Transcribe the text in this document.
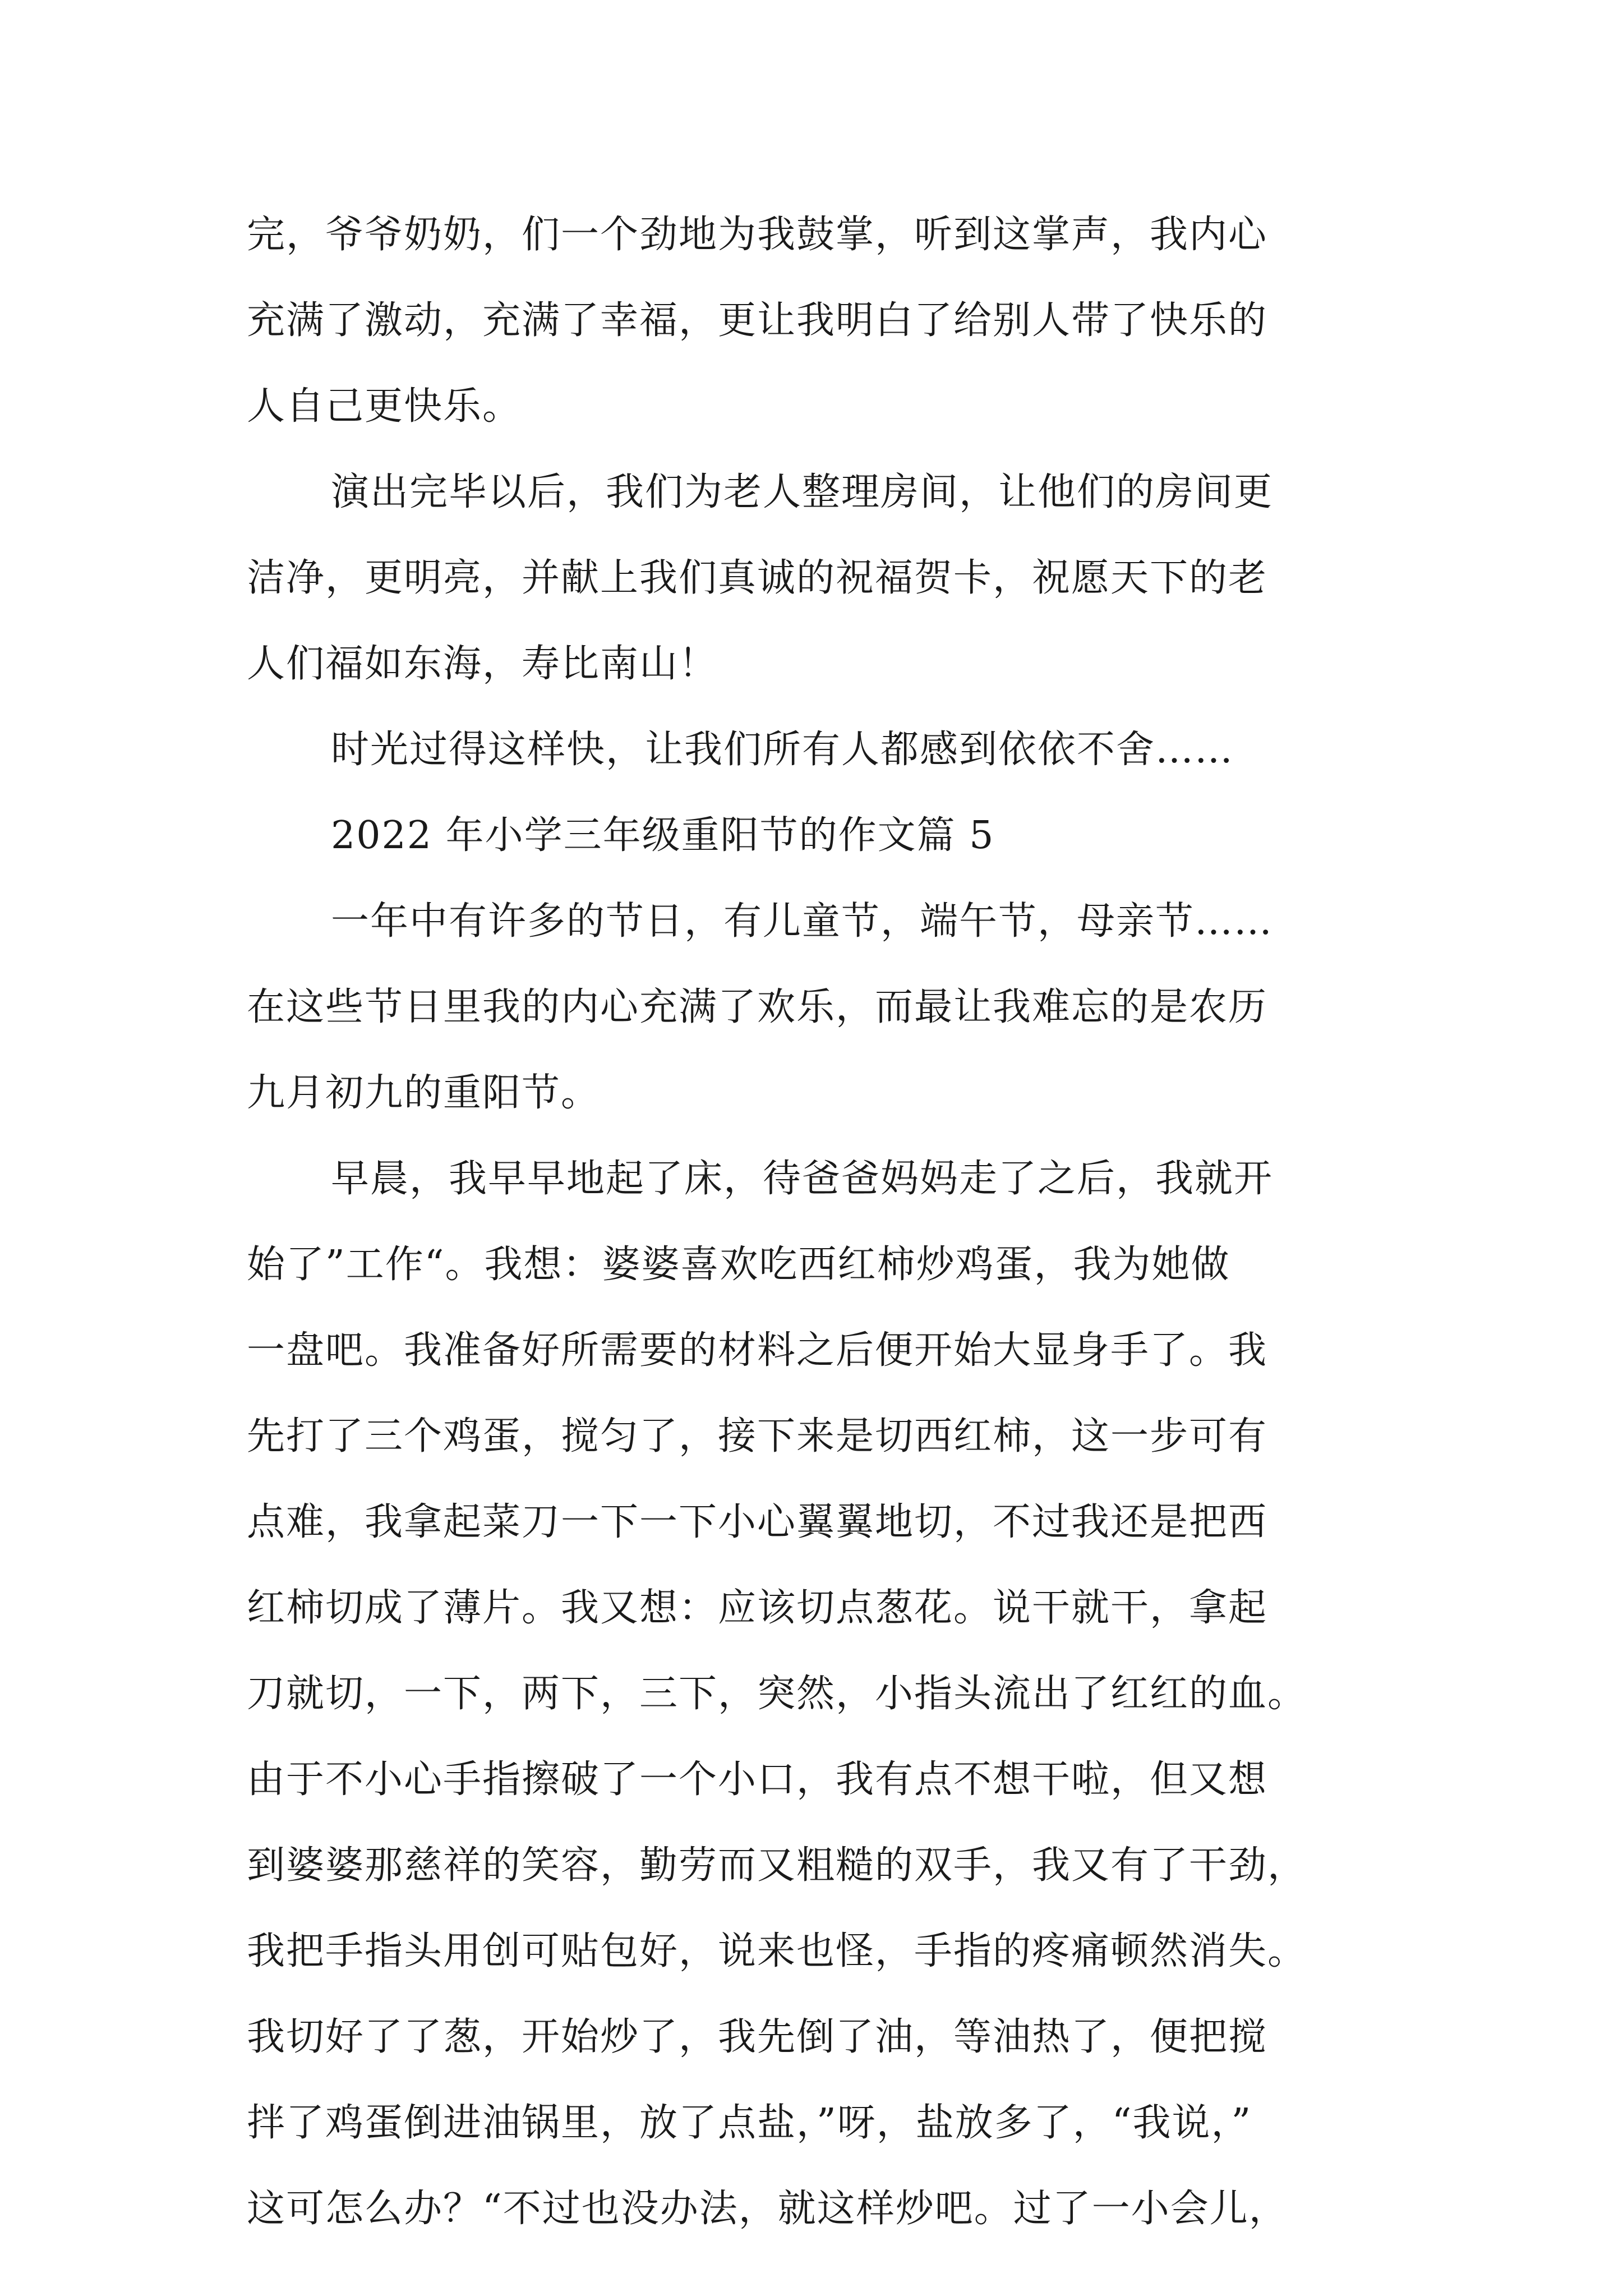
完，爷爷奶奶，们一个劲地为我鼓掌，听到这掌声，我内心
充满了激动，充满了幸福，更让我明白了给别人带了快乐的
人自己更快乐。
演出完毕以后，我们为老人整理房间，让他们的房间更
洁净，更明亮，并献上我们真诚的祝福贺卡，祝愿天下的老
人们福如东海，寿比南山！
时光过得这样快，让我们所有人都感到依依不舍……
2022 年小学三年级重阳节的作文篇 5
一年中有许多的节日，有儿童节，端午节，母亲节……
在这些节日里我的内心充满了欢乐，而最让我难忘的是农历
九月初九的重阳节。
早晨，我早早地起了床，待爸爸妈妈走了之后，我就开
始了”工作“。我想：婆婆喜欢吃西红柿炒鸡蛋，我为她做
一盘吧。我准备好所需要的材料之后便开始大显身手了。我
先打了三个鸡蛋，搅匀了，接下来是切西红柿，这一步可有
点难，我拿起菜刀一下一下小心翼翼地切，不过我还是把西
红柿切成了薄片。我又想：应该切点葱花。说干就干，拿起
刀就切，一下，两下，三下，突然，小指头流出了红红的血。
由于不小心手指擦破了一个小口，我有点不想干啦，但又想
到婆婆那慈祥的笑容，勤劳而又粗糙的双手，我又有了干劲，
我把手指头用创可贴包好，说来也怪，手指的疼痛顿然消失。
我切好了了葱，开始炒了，我先倒了油，等油热了，便把搅
拌了鸡蛋倒进油锅里，放了点盐，”呀，盐放多了，“我说，”
这可怎么办？“不过也没办法，就这样炒吧。过了一小会儿，
